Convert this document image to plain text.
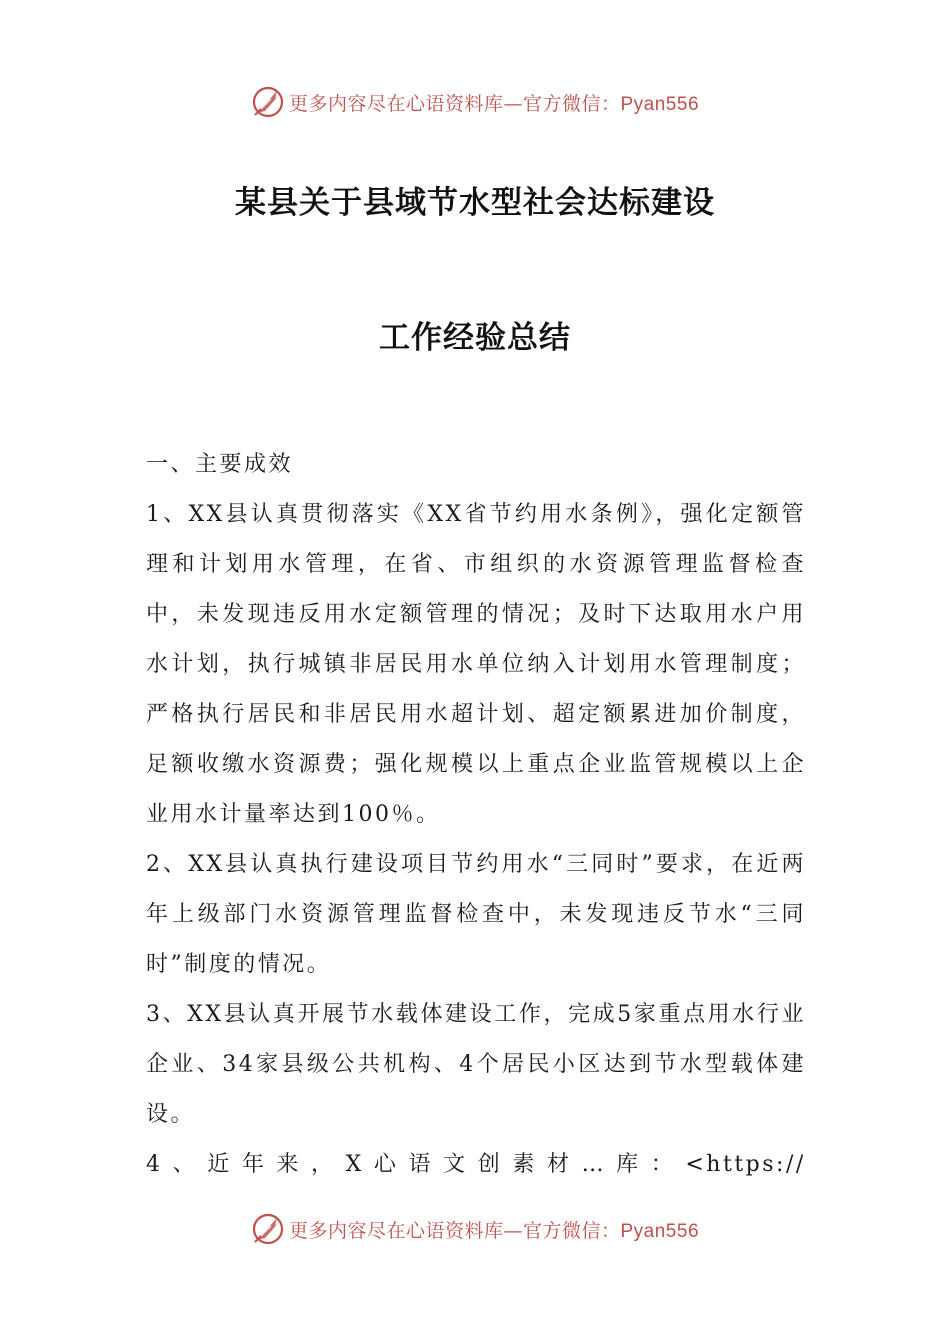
更多内容尽在心语资料库—官方微信：Pyan556
某县关于县域节水型社会达标建设
工作经验总结

一、主要成效

1、XX县认真贯彻落实《XX省节约用水条例》，强化定额管理和计划用水管理，在省、市组织的水资源管理监督检查中，未发现违反用水定额管理的情况；及时下达取用水户用水计划，执行城镇非居民用水单位纳入计划用水管理制度；严格执行居民和非居民用水超计划、超定额累进加价制度，足额收缴水资源费；强化规模以上重点企业监管规模以上企业用水计量率达到100％。

2、XX县认真执行建设项目节约用水“三同时”要求，在近两年上级部门水资源管理监督检查中，未发现违反节水“三同时”制度的情况。

3、XX县认真开展节水载体建设工作，完成5家重点用水行业企业、34家县级公共机构、4个居民小区达到节水型载体建设。

4 、 近 年 来 ， X 心 语 文 创 素 材 … 库 ： <https://
更多内容尽在心语资料库—官方微信：Pyan556
